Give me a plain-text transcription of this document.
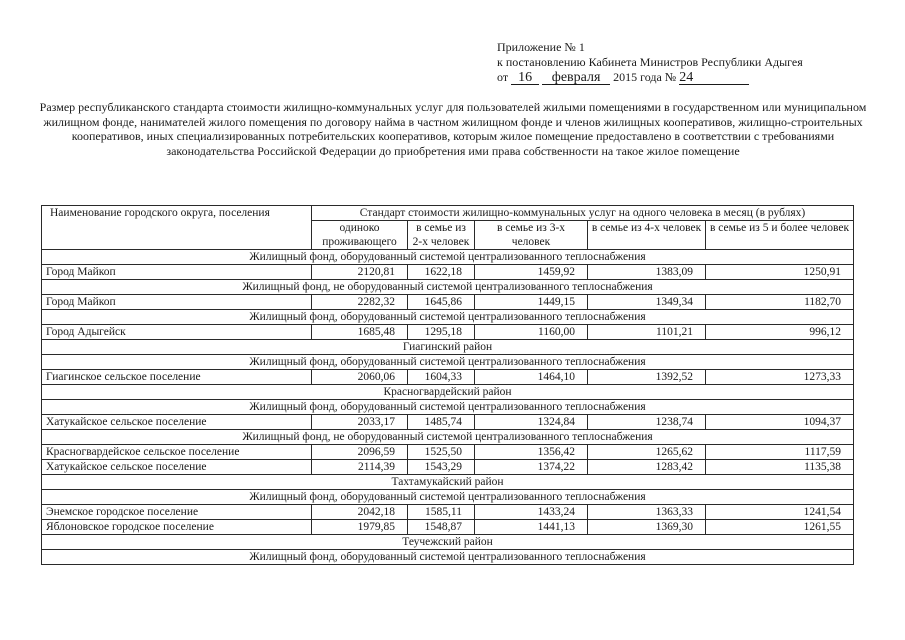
Приложение № 1
к постановлению Кабинета Министров Республики Адыгея
от 16 февраля 2015 года № 24
Размер республиканского стандарта стоимости жилищно-коммунальных услуг для пользователей жилыми помещениями в государственном или муниципальном жилищном фонде, нанимателей жилого помещения по договору найма в частном жилищном фонде и членов жилищных кооперативов, жилищно-строительных кооперативов, иных специализированных потребительских кооперативов, которым жилое помещение предоставлено в соответствии с требованиями законодательства Российской Федерации до приобретения ими права собственности на такое жилое помещение
Наименование городского округа, поселения	Стандарт стоимости жилищно-коммунальных услуг на одного человека в месяц (в рублях)				
	одиноко проживающего	в семье из 2-х человек	в семье из 3-х человек	в семье из 4-х человек	в семье из 5 и более человек
Жилищный фонд, оборудованный системой централизованного теплоснабжения					
Город Майкоп	2120,81	1622,18	1459,92	1383,09	1250,91
Жилищный фонд, не оборудованный системой централизованного теплоснабжения					
Город Майкоп	2282,32	1645,86	1449,15	1349,34	1182,70
Жилищный фонд, оборудованный системой централизованного теплоснабжения					
Город Адыгейск	1685,48	1295,18	1160,00	1101,21	996,12
Гиагинский район					
Жилищный фонд, оборудованный системой централизованного теплоснабжения					
Гиагинское сельское поселение	2060,06	1604,33	1464,10	1392,52	1273,33
Красногвардейский район					
Жилищный фонд, оборудованный системой централизованного теплоснабжения					
Хатукайское сельское поселение	2033,17	1485,74	1324,84	1238,74	1094,37
Жилищный фонд, не оборудованный системой централизованного теплоснабжения					
Красногвардейское сельское поселение	2096,59	1525,50	1356,42	1265,62	1117,59
Хатукайское сельское поселение	2114,39	1543,29	1374,22	1283,42	1135,38
Тахтамукайский район					
Жилищный фонд, оборудованный системой централизованного теплоснабжения					
Энемское городское поселение	2042,18	1585,11	1433,24	1363,33	1241,54
Яблоновское городское поселение	1979,85	1548,87	1441,13	1369,30	1261,55
Теучежский район					
Жилищный фонд, оборудованный системой централизованного теплоснабжения					
